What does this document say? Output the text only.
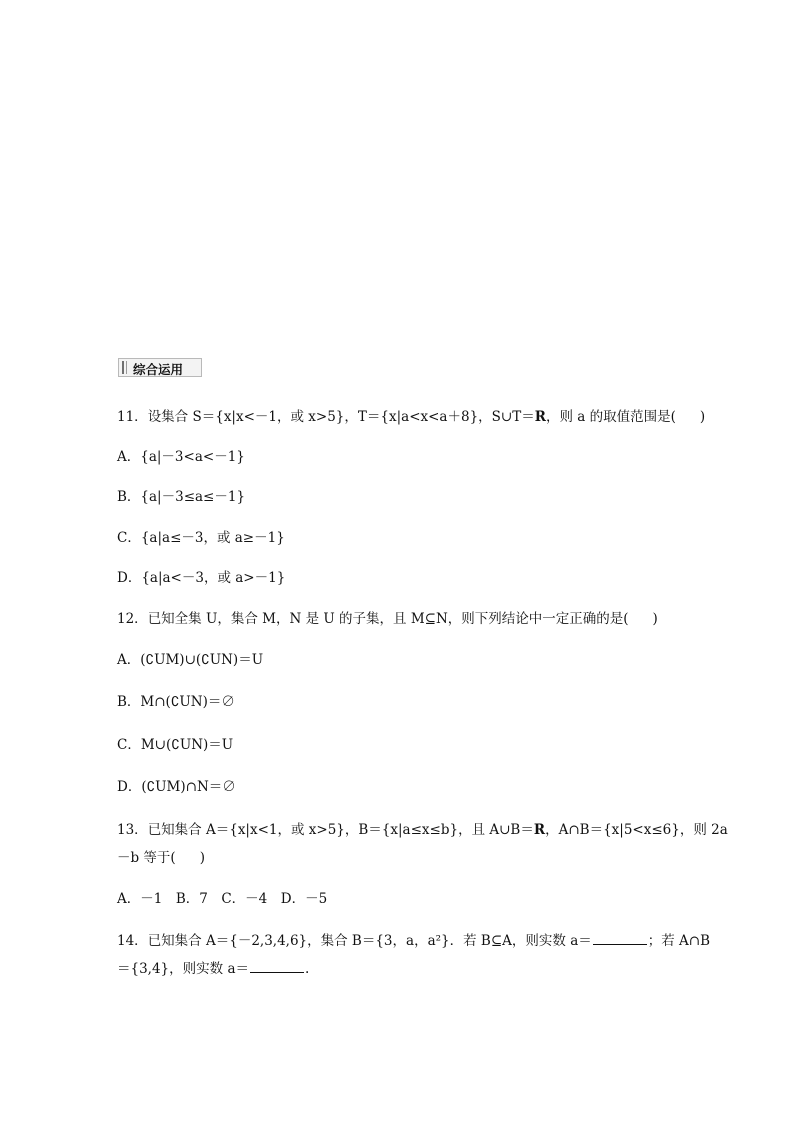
综合运用
11．设集合 S＝{x|x<－1，或 x>5}，T＝{x|a<x<a＋8}，S∪T＝R，则 a 的取值范围是( )
A．{a|－3<a<－1}
B．{a|－3≤a≤－1}
C．{a|a≤－3，或 a≥－1}
D．{a|a<－3，或 a>－1}
12．已知全集 U，集合 M，N 是 U 的子集，且 M⊆N，则下列结论中一定正确的是( )
A．(∁UM)∪(∁UN)＝U
B．M∩(∁UN)＝∅
C．M∪(∁UN)＝U
D．(∁UM)∩N＝∅
13．已知集合 A＝{x|x<1，或 x>5}，B＝{x|a≤x≤b}，且 A∪B＝R，A∩B＝{x|5<x≤6}，则 2a
－b 等于( )
A．－1　B．7　C．－4　D．－5
14．已知集合 A＝{－2,3,4,6}，集合 B＝{3，a，a²}．若 B⊆A，则实数 a＝	；若 A∩B
＝{3,4}，则实数 a＝	.
